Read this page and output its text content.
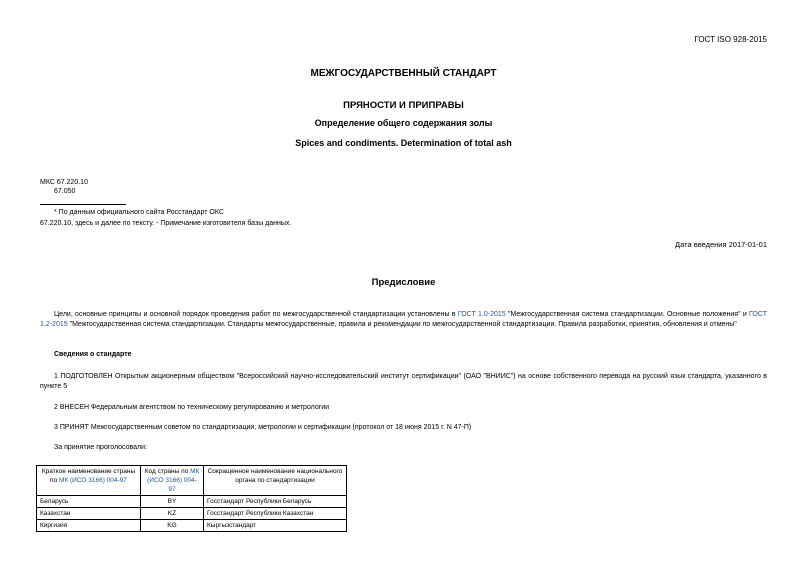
ГОСТ ISO 928-2015
МЕЖГОСУДАРСТВЕННЫЙ СТАНДАРТ
ПРЯНОСТИ И ПРИПРАВЫ
Определение общего содержания золы
Spices and condiments. Determination of total ash
МКС 67.220.10
67.050
* По данным официального сайта Росстандарт ОКС
67.220.10, здесь и далее по тексту. - Примечание изготовителя базы данных.
Дата введения 2017-01-01
Предисловие
Цели, основные принципы и основной порядок проведения работ по межгосударственной стандартизации установлены в ГОСТ 1.0-2015 "Межгосударственная система стандартизации. Основные положения" и ГОСТ 1.2-2015 "Межгосударственная система стандартизации. Стандарты межгосударственные, правила и рекомендации по межгосударственной стандартизации. Правила разработки, принятия, обновления и отмены"
Сведения о стандарте
1 ПОДГОТОВЛЕН Открытым акционерным обществом "Всероссийский научно-исследовательский институт сертификации" (ОАО "ВНИИС") на основе собственного перевода на русский язык стандарта, указанного в пункте 5
2 ВНЕСЕН Федеральным агентством по техническому регулированию и метрологии
3 ПРИНЯТ Межгосударственным советом по стандартизации, метрологии и сертификации (протокол от 18 июня 2015 г. N 47-П)
За принятие проголосовали:
Краткое наименование страны по МК (ИСО 3166) 004-97	Код страны по МК (ИСО 3166) 004-97	Сокращенное наименование национального органа по стандартизации
Беларусь	BY	Госстандарт Республики Беларусь
Казахстан	KZ	Госстандарт Республики Казахстан
Киргизия	KG	Кыргызстандарт
